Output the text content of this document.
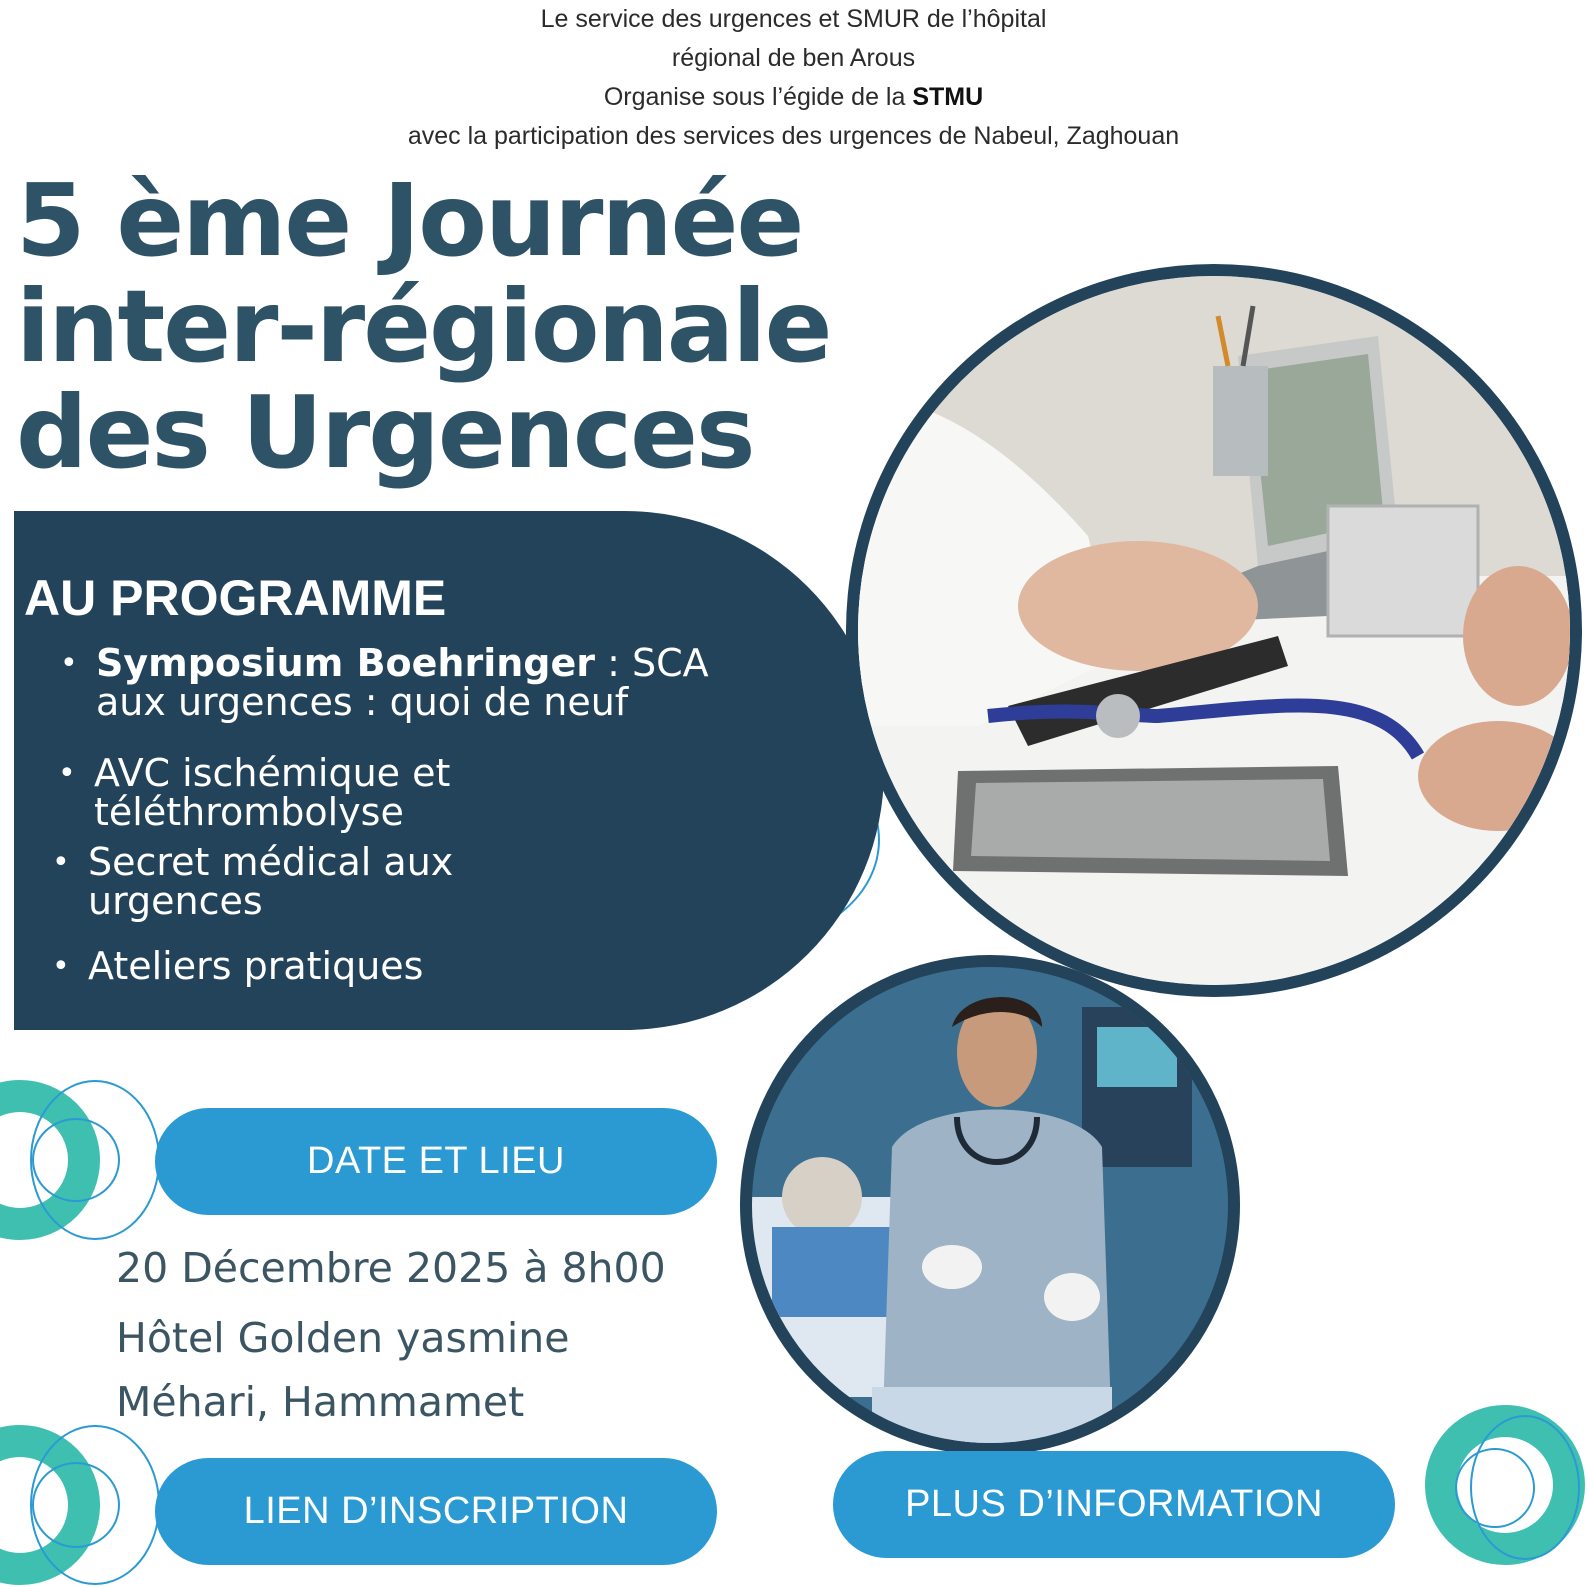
Le service des urgences et SMUR de l’hôpital
régional de ben Arous
Organise sous l’égide de la STMU
avec la participation des services des urgences de Nabeul, Zaghouan
5 ème Journée
inter-régionale
des Urgences
AU PROGRAMME
• Symposium Boehringer : SCA
aux urgences : quoi de neuf
• AVC ischémique et
téléthrombolyse
• Secret médical aux
urgences
• Ateliers pratiques
DATE ET LIEU
20 Décembre 2025 à 8h00
Hôtel Golden yasmine
Méhari, Hammamet
LIEN D’INSCRIPTION	PLUS D’INFORMATION
